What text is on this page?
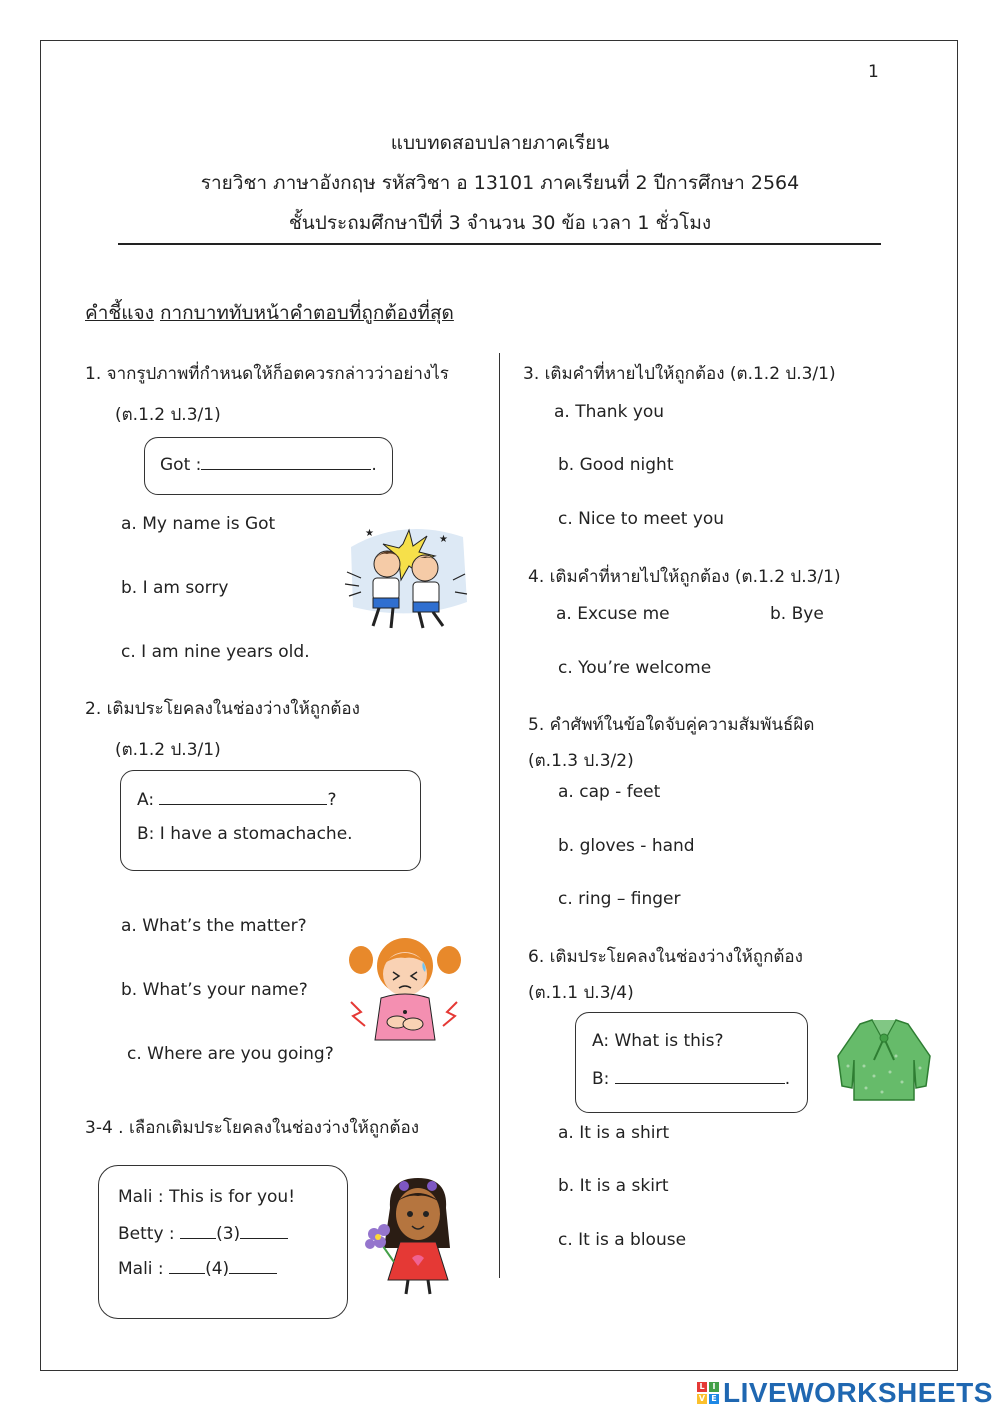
1
แบบทดสอบปลายภาคเรียน
รายวิชา ภาษาอังกฤษ รหัสวิชา อ 13101 ภาคเรียนที่ 2 ปีการศึกษา 2564
ชั้นประถมศึกษาปีที่ 3 จำนวน 30 ข้อ เวลา 1 ชั่วโมง
คำชี้แจง กากบาททับหน้าคำตอบที่ถูกต้องที่สุด
1. จากรูปภาพที่กำหนดให้ก็อตควรกล่าวว่าอย่างไร
(ต.1.2 ป.3/1)
Got :	.
a. My name is Got
b. I am sorry
c. I am nine years old.
★
★
2. เติมประโยคลงในช่องว่างให้ถูกต้อง
(ต.1.2 ป.3/1)
A:	?
B: I have a stomachache.
a. What’s the matter?
b. What’s your name?
c. Where are you going?
3-4 . เลือกเติมประโยคลงในช่องว่างให้ถูกต้อง
Mali : This is for you!
Betty : (3)
Mali : (4)
3. เติมคำที่หายไปให้ถูกต้อง (ต.1.2 ป.3/1)
a. Thank you
b. Good night
c. Nice to meet you
4. เติมคำที่หายไปให้ถูกต้อง (ต.1.2 ป.3/1)
a. Excuse me	b. Bye
c. You’re welcome
5. คำศัพท์ในข้อใดจับคู่ความสัมพันธ์ผิด
(ต.1.3 ป.3/2)
a. cap - feet
b. gloves - hand
c. ring – finger
6. เติมประโยคลงในช่องว่างให้ถูกต้อง
(ต.1.1 ป.3/4)
A: What is this?
B:	.
a. It is a shirt
b. It is a skirt
c. It is a blouse
L I
V E LIVEWORKSHEETS
